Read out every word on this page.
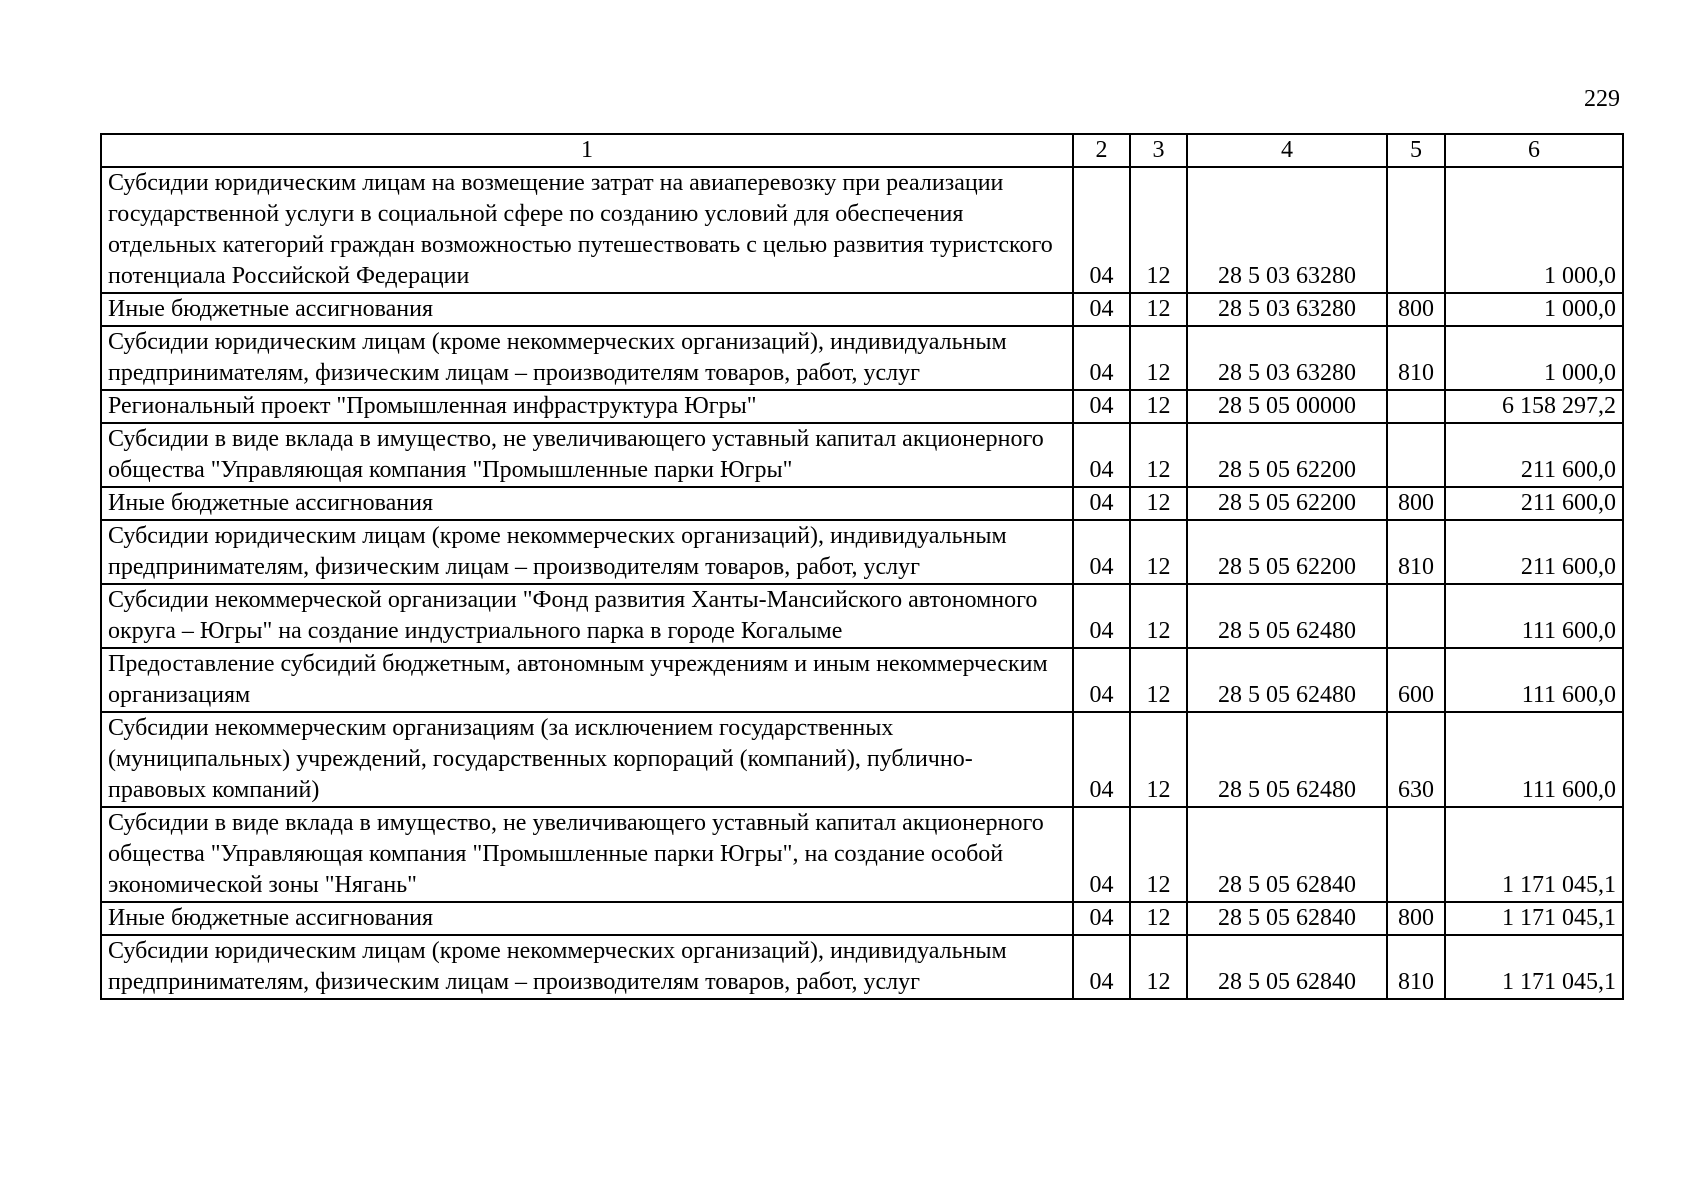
229
1	2	3	4	5	6
Субсидии юридическим лицам на возмещение затрат на авиаперевозку при реализации государственной услуги в социальной сфере по созданию условий для обеспечения отдельных категорий граждан возможностью путешествовать с целью развития туристского потенциала Российской Федерации	04	12	28 5 03 63280		1 000,0
Иные бюджетные ассигнования	04	12	28 5 03 63280	800	1 000,0
Субсидии юридическим лицам (кроме некоммерческих организаций), индивидуальным предпринимателям, физическим лицам – производителям товаров, работ, услуг	04	12	28 5 03 63280	810	1 000,0
Региональный проект "Промышленная инфраструктура Югры"	04	12	28 5 05 00000		6 158 297,2
Субсидии в виде вклада в имущество, не увеличивающего уставный капитал акционерного общества "Управляющая компания "Промышленные парки Югры"	04	12	28 5 05 62200		211 600,0
Иные бюджетные ассигнования	04	12	28 5 05 62200	800	211 600,0
Субсидии юридическим лицам (кроме некоммерческих организаций), индивидуальным предпринимателям, физическим лицам – производителям товаров, работ, услуг	04	12	28 5 05 62200	810	211 600,0
Субсидии некоммерческой организации "Фонд развития Ханты-Мансийского автономного округа – Югры" на создание индустриального парка в городе Когалыме	04	12	28 5 05 62480		111 600,0
Предоставление субсидий бюджетным, автономным учреждениям и иным некоммерческим организациям	04	12	28 5 05 62480	600	111 600,0
Субсидии некоммерческим организациям (за исключением государственных (муниципальных) учреждений, государственных корпораций (компаний), публично-правовых компаний)	04	12	28 5 05 62480	630	111 600,0
Субсидии в виде вклада в имущество, не увеличивающего уставный капитал акционерного общества "Управляющая компания "Промышленные парки Югры", на создание особой экономической зоны "Нягань"	04	12	28 5 05 62840		1 171 045,1
Иные бюджетные ассигнования	04	12	28 5 05 62840	800	1 171 045,1
Субсидии юридическим лицам (кроме некоммерческих организаций), индивидуальным предпринимателям, физическим лицам – производителям товаров, работ, услуг	04	12	28 5 05 62840	810	1 171 045,1
